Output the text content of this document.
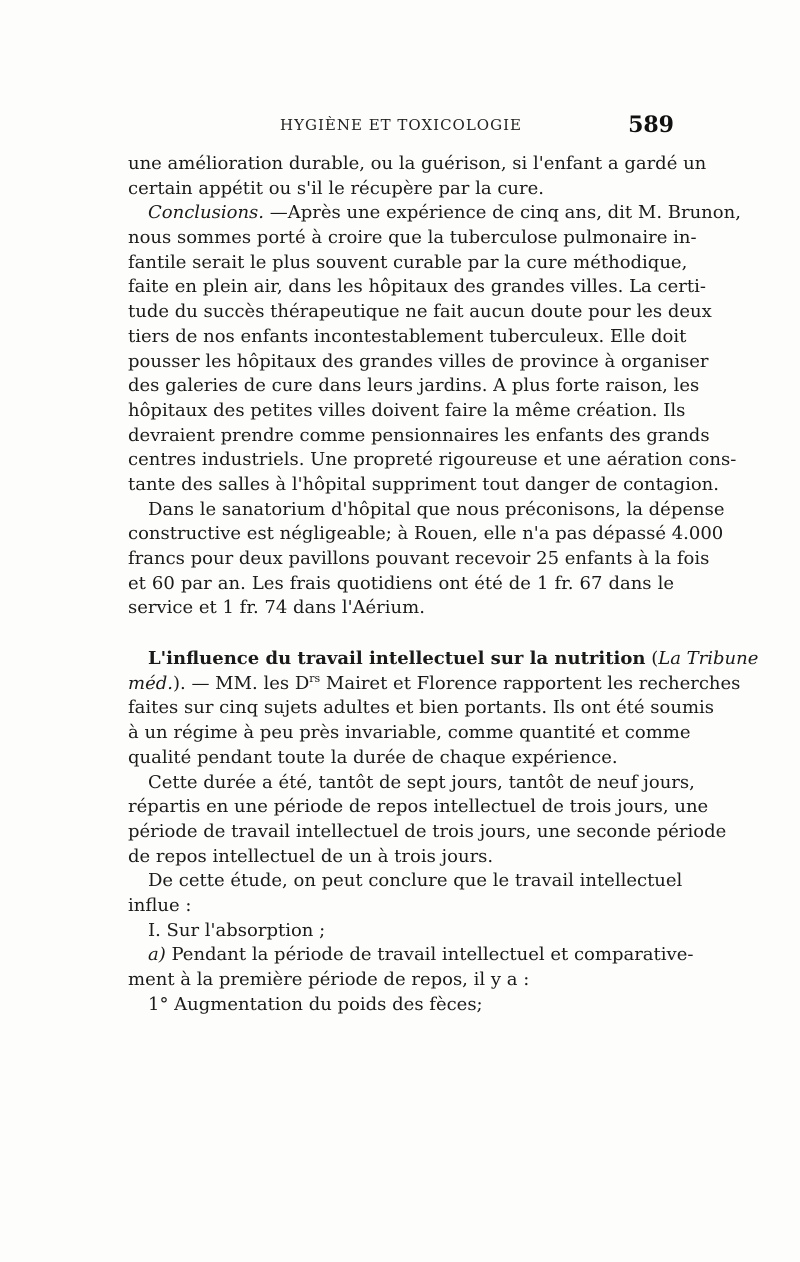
HYGIÈNE ET TOXICOLOGIE	589
une amélioration durable, ou la guérison, si l'enfant a gardé un
certain appétit ou s'il le récupère par la cure.
Conclusions. —Après une expérience de cinq ans, dit M. Brunon,
nous sommes porté à croire que la tuberculose pulmonaire in-
fantile serait le plus souvent curable par la cure méthodique,
faite en plein air, dans les hôpitaux des grandes villes. La certi-
tude du succès thérapeutique ne fait aucun doute pour les deux
tiers de nos enfants incontestablement tuberculeux. Elle doit
pousser les hôpitaux des grandes villes de province à organiser
des galeries de cure dans leurs jardins. A plus forte raison, les
hôpitaux des petites villes doivent faire la même création. Ils
devraient prendre comme pensionnaires les enfants des grands
centres industriels. Une propreté rigoureuse et une aération cons-
tante des salles à l'hôpital suppriment tout danger de contagion.
Dans le sanatorium d'hôpital que nous préconisons, la dépense
constructive est négligeable; à Rouen, elle n'a pas dépassé 4.000
francs pour deux pavillons pouvant recevoir 25 enfants à la fois
et 60 par an. Les frais quotidiens ont été de 1 fr. 67 dans le
service et 1 fr. 74 dans l'Aérium.
L'influence du travail intellectuel sur la nutrition (La Tribune
méd.). — MM. les $D^{rs}$ Mairet et Florence rapportent les recherches
faites sur cinq sujets adultes et bien portants. Ils ont été soumis
à un régime à peu près invariable, comme quantité et comme
qualité pendant toute la durée de chaque expérience.
Cette durée a été, tantôt de sept jours, tantôt de neuf jours,
répartis en une période de repos intellectuel de trois jours, une
période de travail intellectuel de trois jours, une seconde période
de repos intellectuel de un à trois jours.
De cette étude, on peut conclure que le travail intellectuel
influe :
I. Sur l'absorption ;
a) Pendant la période de travail intellectuel et comparative-
ment à la première période de repos, il y a :
1° Augmentation du poids des fèces;
